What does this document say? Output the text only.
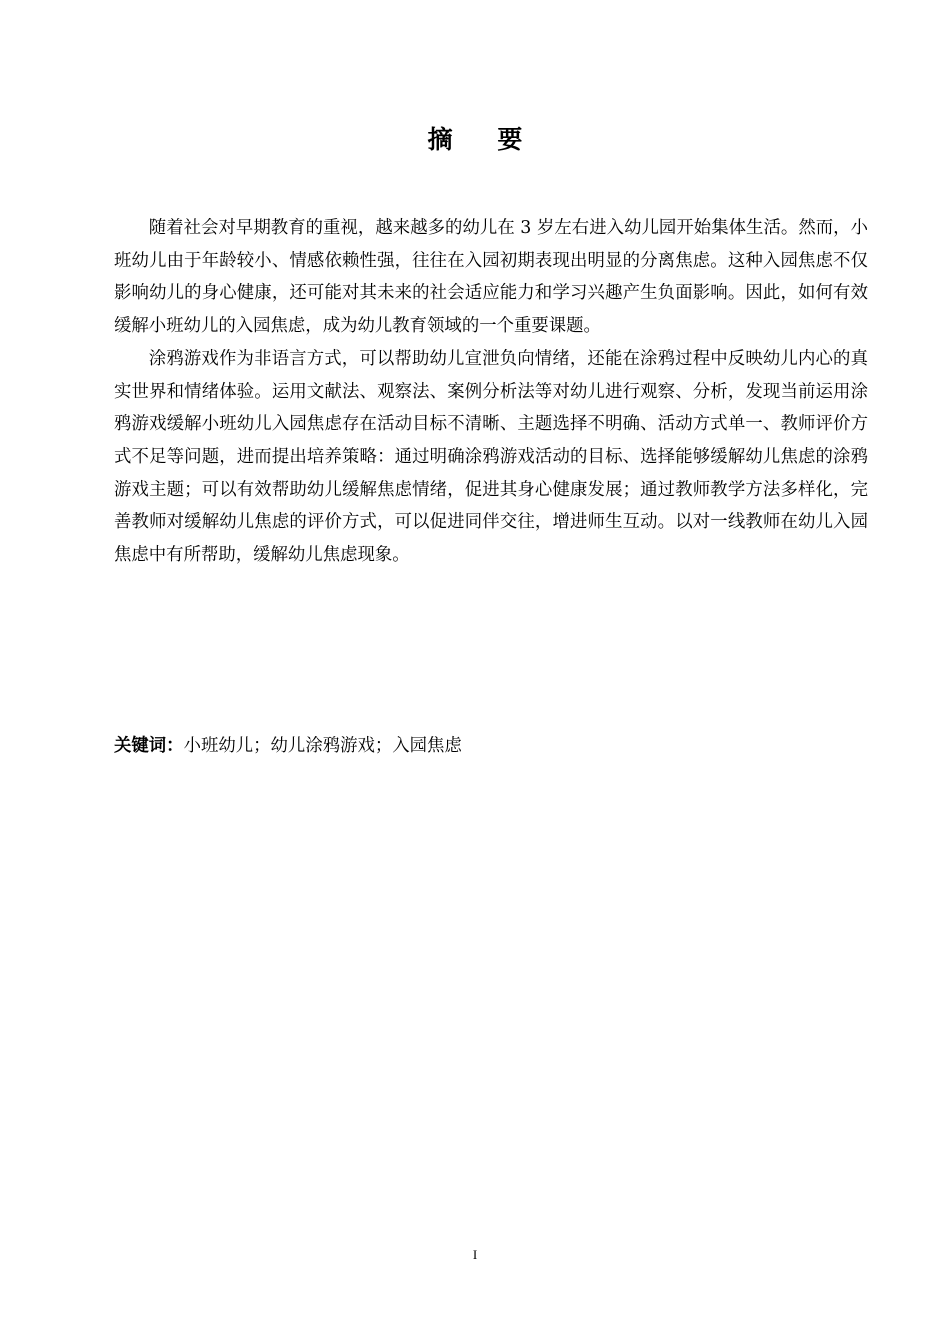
摘 要

随着社会对早期教育的重视，越来越多的幼儿在 3 岁左右进入幼儿园开始集体生活。然而，小班幼儿由于年龄较小、情感依赖性强，往往在入园初期表现出明显的分离焦虑。这种入园焦虑不仅影响幼儿的身心健康，还可能对其未来的社会适应能力和学习兴趣产生负面影响。因此，如何有效缓解小班幼儿的入园焦虑，成为幼儿教育领域的一个重要课题。

涂鸦游戏作为非语言方式，可以帮助幼儿宣泄负向情绪，还能在涂鸦过程中反映幼儿内心的真实世界和情绪体验。运用文献法、观察法、案例分析法等对幼儿进行观察、分析，发现当前运用涂鸦游戏缓解小班幼儿入园焦虑存在活动目标不清晰、主题选择不明确、活动方式单一、教师评价方式不足等问题，进而提出培养策略：通过明确涂鸦游戏活动的目标、选择能够缓解幼儿焦虑的涂鸦游戏主题；可以有效帮助幼儿缓解焦虑情绪，促进其身心健康发展；通过教师教学方法多样化，完善教师对缓解幼儿焦虑的评价方式，可以促进同伴交往，增进师生互动。以对一线教师在幼儿入园焦虑中有所帮助，缓解幼儿焦虑现象。

关键词：小班幼儿；幼儿涂鸦游戏；入园焦虑
I
